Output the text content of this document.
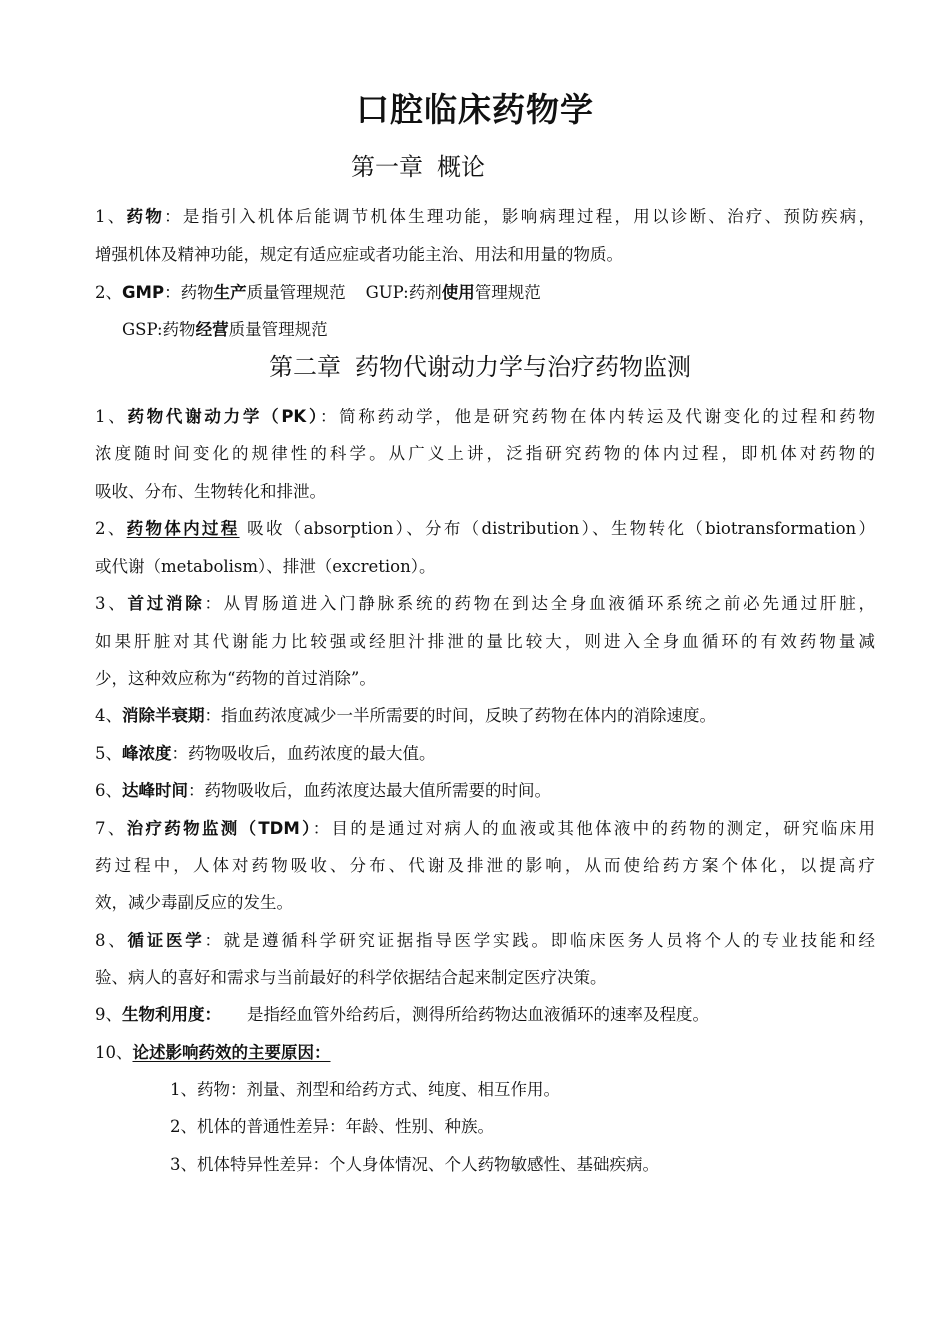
口腔临床药物学
第一章 概论
1、药物：是指引入机体后能调节机体生理功能，影响病理过程，用以诊断、治疗、预防疾病，
增强机体及精神功能，规定有适应症或者功能主治、用法和用量的物质。
2、GMP：药物生产质量管理规范 GUP:药剂使用管理规范
GSP:药物经营质量管理规范
第二章 药物代谢动力学与治疗药物监测
1、药物代谢动力学（PK）：简称药动学，他是研究药物在体内转运及代谢变化的过程和药物
浓度随时间变化的规律性的科学。从广义上讲，泛指研究药物的体内过程，即机体对药物的
吸收、分布、生物转化和排泄。
2、药物体内过程 吸收（absorption）、分布（distribution）、生物转化（biotransformation）
或代谢（metabolism）、排泄（excretion）。
3、首过消除：从胃肠道进入门静脉系统的药物在到达全身血液循环系统之前必先通过肝脏，
如果肝脏对其代谢能力比较强或经胆汁排泄的量比较大，则进入全身血循环的有效药物量减
少，这种效应称为“药物的首过消除”。
4、消除半衰期：指血药浓度减少一半所需要的时间，反映了药物在体内的消除速度。
5、峰浓度：药物吸收后，血药浓度的最大值。
6、达峰时间：药物吸收后，血药浓度达最大值所需要的时间。
7、治疗药物监测（TDM）：目的是通过对病人的血液或其他体液中的药物的测定，研究临床用
药过程中，人体对药物吸收、分布、代谢及排泄的影响，从而使给药方案个体化，以提高疗
效，减少毒副反应的发生。
8、循证医学：就是遵循科学研究证据指导医学实践。即临床医务人员将个人的专业技能和经
验、病人的喜好和需求与当前最好的科学依据结合起来制定医疗决策。
9、生物利用度： 是指经血管外给药后，测得所给药物达血液循环的速率及程度。
10、论述影响药效的主要原因：
1、药物：剂量、剂型和给药方式、纯度、相互作用。
2、机体的普通性差异：年龄、性别、种族。
3、机体特异性差异：个人身体情况、个人药物敏感性、基础疾病。
